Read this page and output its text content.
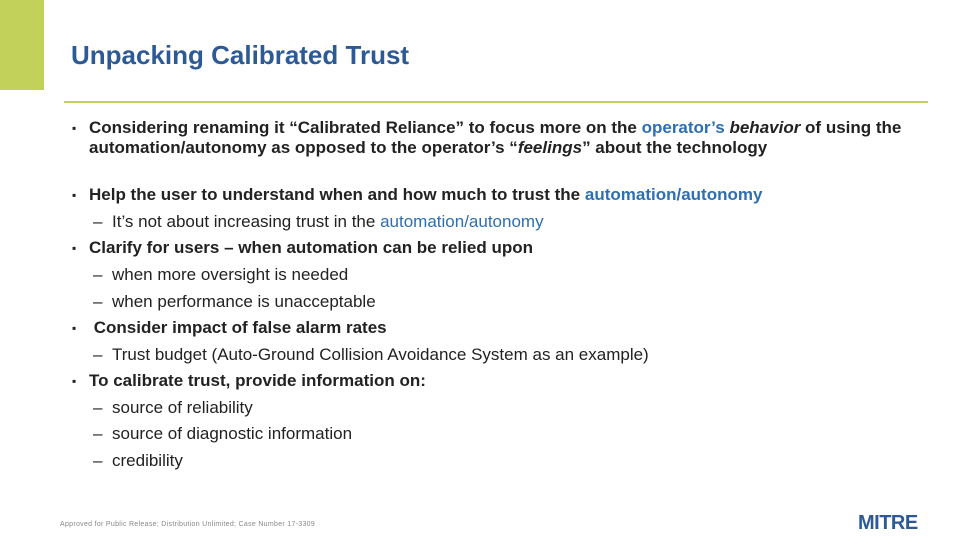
Unpacking Calibrated Trust
▪ Considering renaming it “Calibrated Reliance” to focus more on the operator’s behavior of using the automation/autonomy as opposed to the operator’s “feelings” about the technology
▪ Help the user to understand when and how much to trust the automation/autonomy
– It’s not about increasing trust in the automation/autonomy
▪ Clarify for users – when automation can be relied upon
– when more oversight is needed
– when performance is unacceptable
▪ Consider impact of false alarm rates
– Trust budget (Auto-Ground Collision Avoidance System as an example)
▪ To calibrate trust, provide information on:
– source of reliability
– source of diagnostic information
– credibility
Approved for Public Release; Distribution Unlimited; Case Number 17-3309	MITRE
